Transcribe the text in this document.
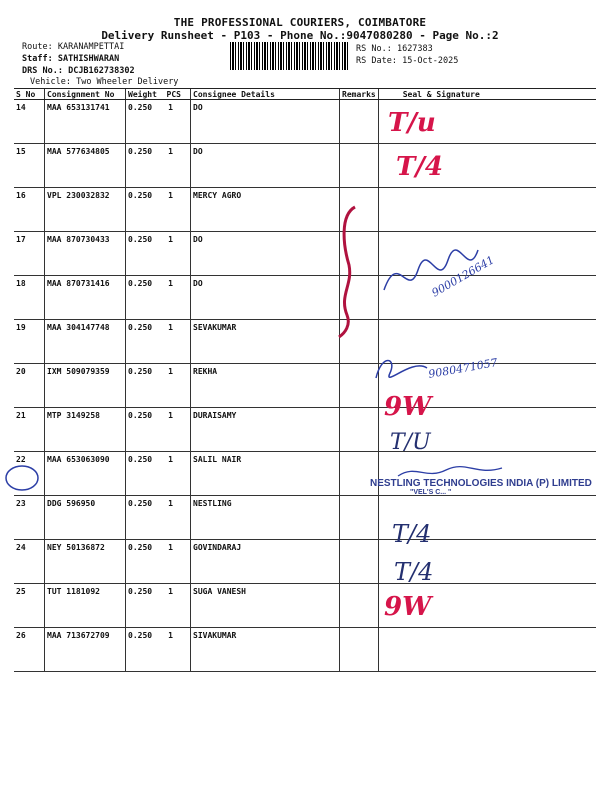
THE PROFESSIONAL COURIERS, COIMBATORE
Delivery Runsheet - P103 - Phone No.:9047080280 - Page No.:2
Route: KARANAMPETTAI
Staff: SATHISHWARAN
DRS No.: DCJB162738302
Vehicle: Two Wheeler Delivery
RS No.: 1627383
RS Date: 15-Oct-2025
S No	Consignment No	Weight PCS	Consignee Details	Remarks	Seal & Signature
14	MAA 653131741	0.250 1	DO		
15	MAA 577634805	0.250 1	DO		
16	VPL 230032832	0.250 1	MERCY AGRO		
17	MAA 870730433	0.250 1	DO		
18	MAA 870731416	0.250 1	DO		
19	MAA 304147748	0.250 1	SEVAKUMAR		
20	IXM 509079359	0.250 1	REKHA		
21	MTP 3149258	0.250 1	DURAISAMY		
22	MAA 653063090	0.250 1	SALIL NAIR		
23	DDG 596950	0.250 1	NESTLING		
24	NEY 50136872	0.250 1	GOVINDARAJ		
25	TUT 1181092	0.250 1	SUGA VANESH		
26	MAA 713672709	0.250 1	SIVAKUMAR		
T/u
T/4
9000126641
9080471057
9W
T/U
NESTLING TECHNOLOGIES INDIA (P) LIMITED
"VEL'S C... "
T/4
T/4
9W
